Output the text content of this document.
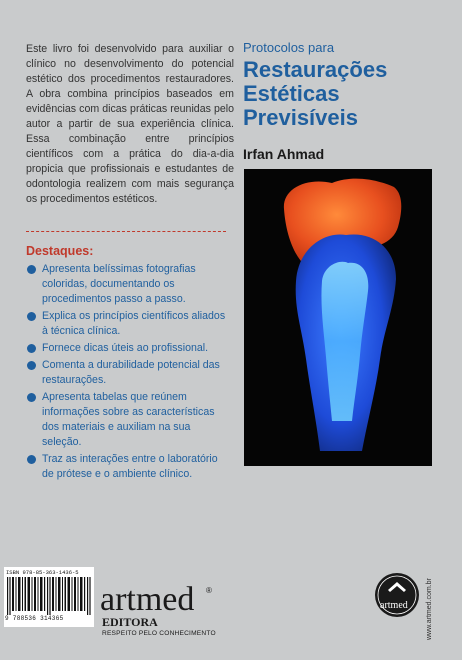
Este livro foi desenvolvido para auxiliar o clínico no desenvolvimento do potencial estético dos procedimentos restauradores. A obra combina princípios baseados em evidências com dicas práticas reunidas pelo autor a partir de sua experiência clínica. Essa combinação entre princípios científicos com a prática do dia-a-dia propicia que profissionais e estudantes de odontologia realizem com mais segurança os procedimentos estéticos.
Destaques:
Apresenta belíssimas fotografias coloridas, documentando os procedimentos passo a passo.
Explica os princípios científicos aliados à técnica clínica.
Fornece dicas úteis ao profissional.
Comenta a durabilidade potencial das restaurações.
Apresenta tabelas que reúnem informações sobre as características dos materiais e auxiliam na sua seleção.
Traz as interações entre o laboratório de prótese e o ambiente clínico.
Protocolos para
Restaurações
Estéticas
Previsíveis
Irfan Ahmad
ISBN 978-85-363-1436-5
9 788536 314365
artmed ®
EDITORA
RESPEITO PELO CONHECIMENTO
artmed	www.artmed.com.br
